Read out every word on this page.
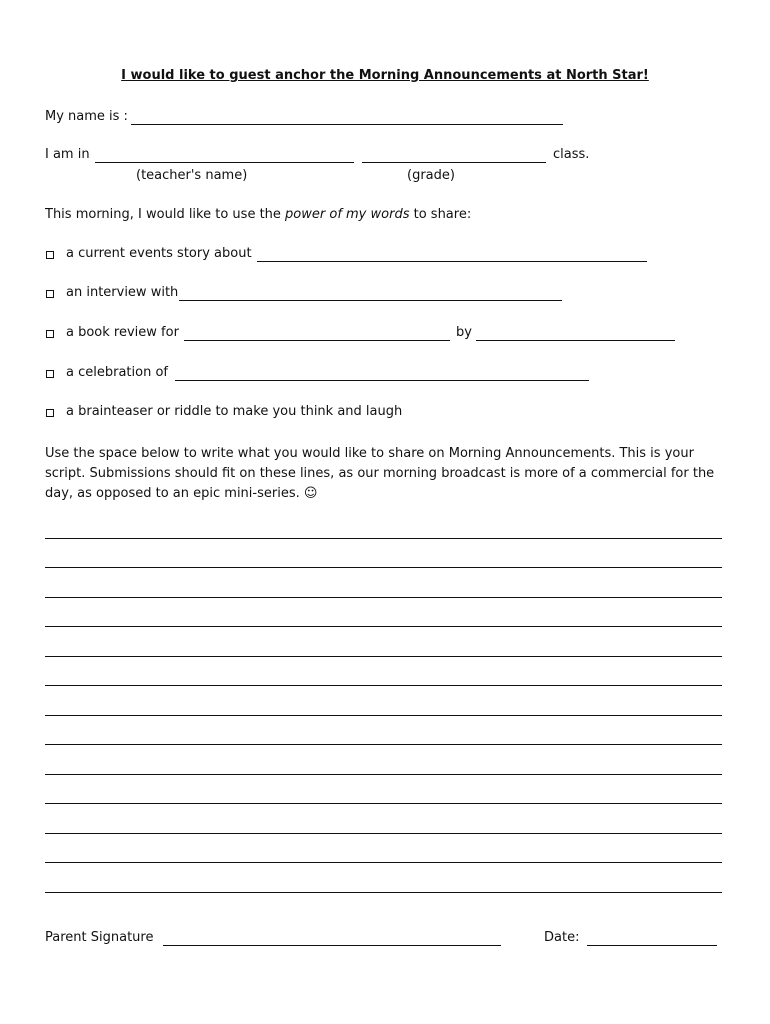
I would like to guest anchor the Morning Announcements at North Star!
My name is :
I am in	class.
(teacher's name)	(grade)
This morning, I would like to use the power of my words to share:
a current events story about
an interview with
a book review for	by
a celebration of
a brainteaser or riddle to make you think and laugh
Use the space below to write what you would like to share on Morning Announcements. This is your script. Submissions should fit on these lines, as our morning broadcast is more of a commercial for the day, as opposed to an epic mini-series. ☺
Parent Signature	Date:
